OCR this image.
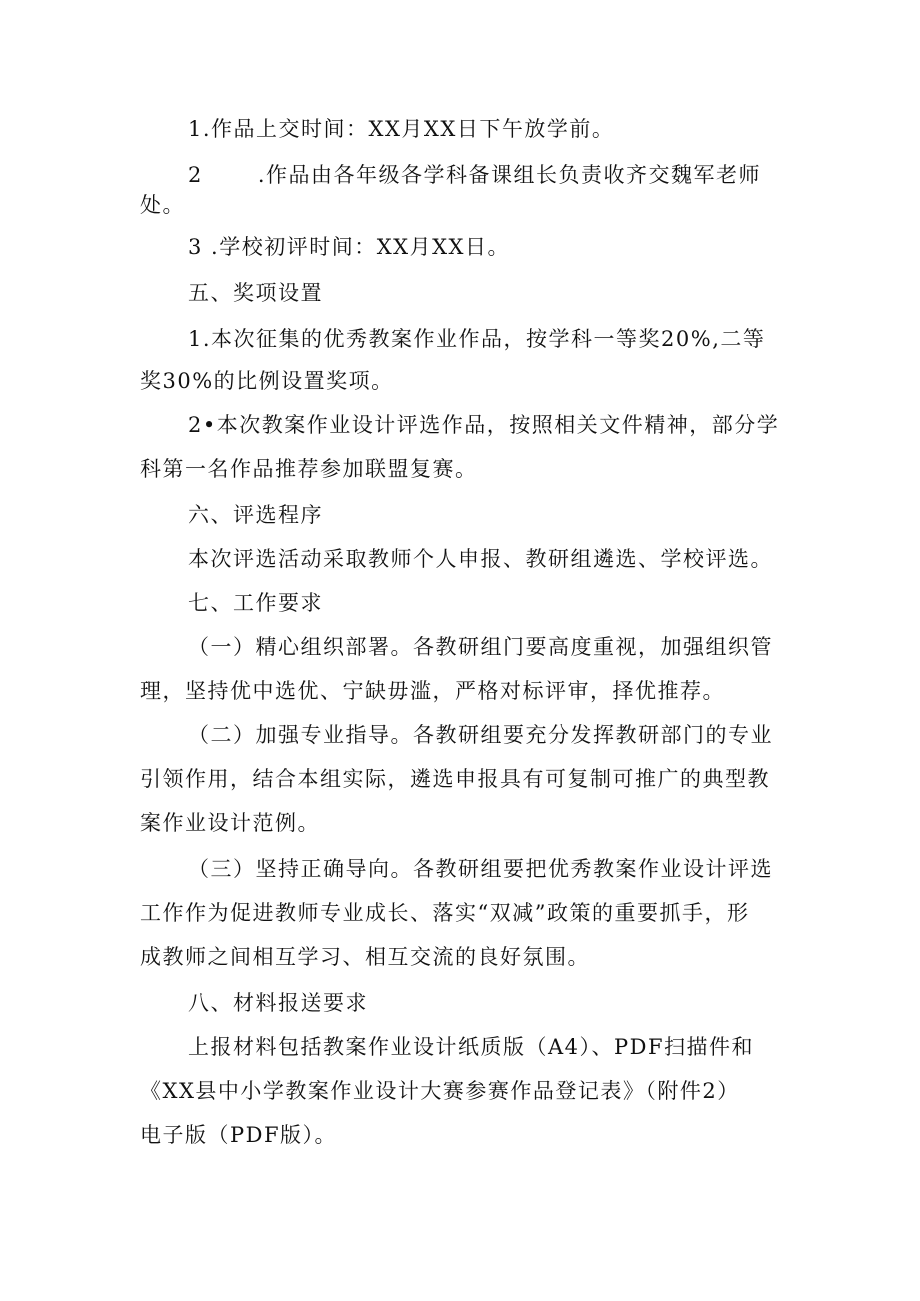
1.作品上交时间：XX月XX日下午放学前。
2	.作品由各年级各学科备课组长负责收齐交魏军老师
处。
3 .学校初评时间：XX月XX日。
五、奖项设置
1.本次征集的优秀教案作业作品，按学科一等奖20%,二等
奖30%的比例设置奖项。
2•本次教案作业设计评选作品，按照相关文件精神，部分学
科第一名作品推荐参加联盟复赛。
六、评选程序
本次评选活动采取教师个人申报、教研组遴选、学校评选。
七、工作要求
（一）精心组织部署。各教研组门要高度重视，加强组织管
理，坚持优中选优、宁缺毋滥，严格对标评审，择优推荐。
（二）加强专业指导。各教研组要充分发挥教研部门的专业
引领作用，结合本组实际，遴选申报具有可复制可推广的典型教
案作业设计范例。
（三）坚持正确导向。各教研组要把优秀教案作业设计评选
工作作为促进教师专业成长、落实“双减”政策的重要抓手，形
成教师之间相互学习、相互交流的良好氛围。
八、材料报送要求
上报材料包括教案作业设计纸质版（A4）、PDF扫描件和
《XX县中小学教案作业设计大赛参赛作品登记表》（附件2）
电子版（PDF版）。
